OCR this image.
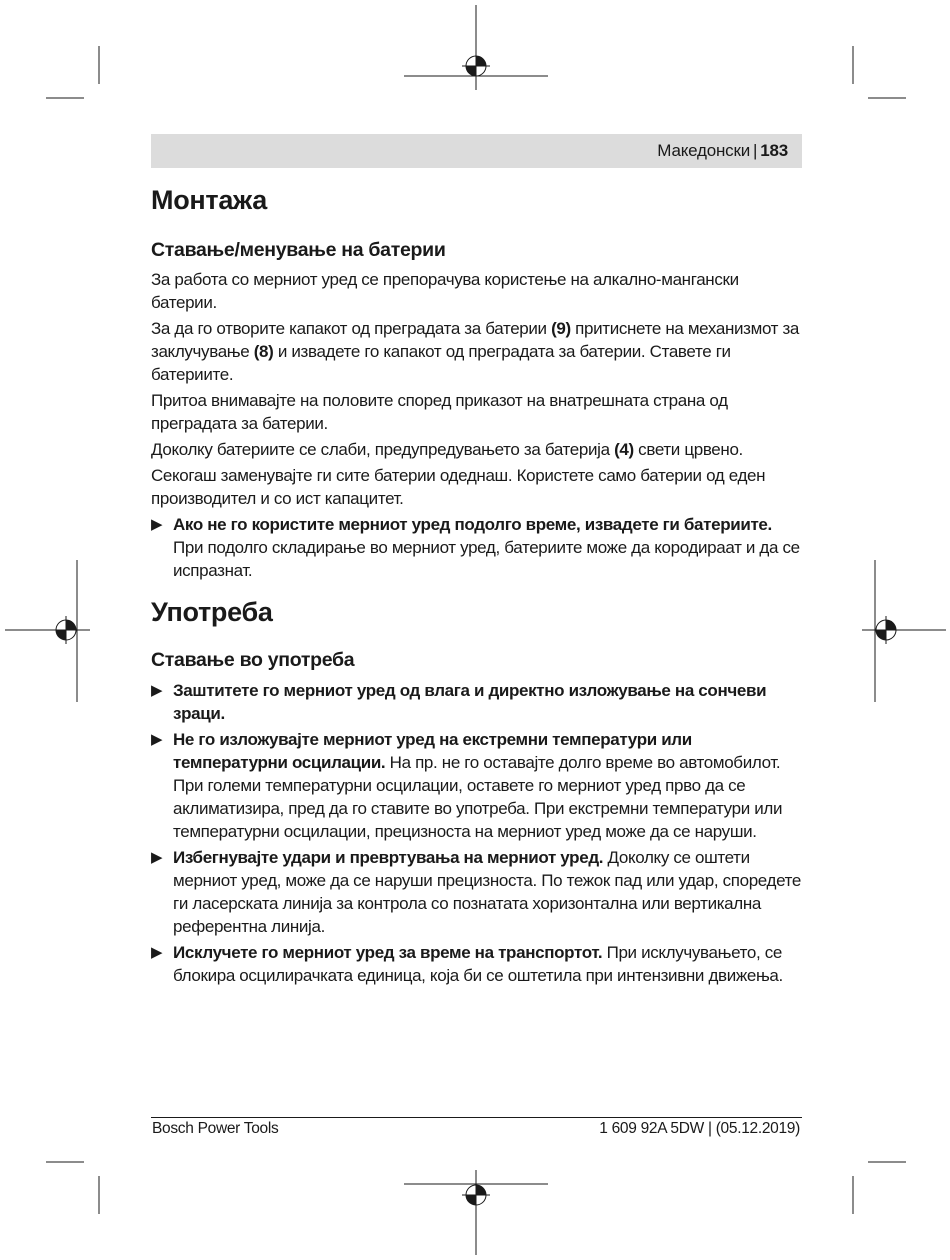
Македонски | 183
Монтажа
Ставање/менување на батерии

За работа со мерниот уред се препорачува користење на алкално-мангански батерии.

За да го отворите капакот од преградата за батерии (9) притиснете на механизмот за заклучување (8) и извадете го капакот од преградата за батерии. Ставете ги батериите.

Притоа внимавајте на половите според приказот на внатрешната страна од преградата за батерии.

Доколку батериите се слаби, предупредувањето за батерија (4) свети црвено.

Секогаш заменувајте ги сите батерии одеднаш. Користете само батерии од еден производител и со ист капацитет.

▶ Ако не го користите мерниот уред подолго време, извадете ги батериите.
При подолго складирање во мерниот уред, батериите може да кородираат и да се испразнат.
Употреба
Ставање во употреба
▶ Заштитете го мерниот уред од влага и директно изложување на сончеви зраци.
▶ Не го изложувајте мерниот уред на екстремни температури или температурни осцилации. На пр. не го оставајте долго време во автомобилот. При големи температурни осцилации, оставете го мерниот уред прво да се аклиматизира, пред да го ставите во употреба. При екстремни температури или температурни осцилации, прецизноста на мерниот уред може да се наруши.
▶ Избегнувајте удари и превртувања на мерниот уред. Доколку се оштети мерниот уред, може да се наруши прецизноста. По тежок пад или удар, споредете ги ласерската линија за контрола со познатата хоризонтална или вертикална референтна линија.
▶ Исклучете го мерниот уред за време на транспортот. При исклучувањето, се блокира осцилирачката единица, која би се оштетила при интензивни движења.
Bosch Power Tools	1 609 92A 5DW | (05.12.2019)
